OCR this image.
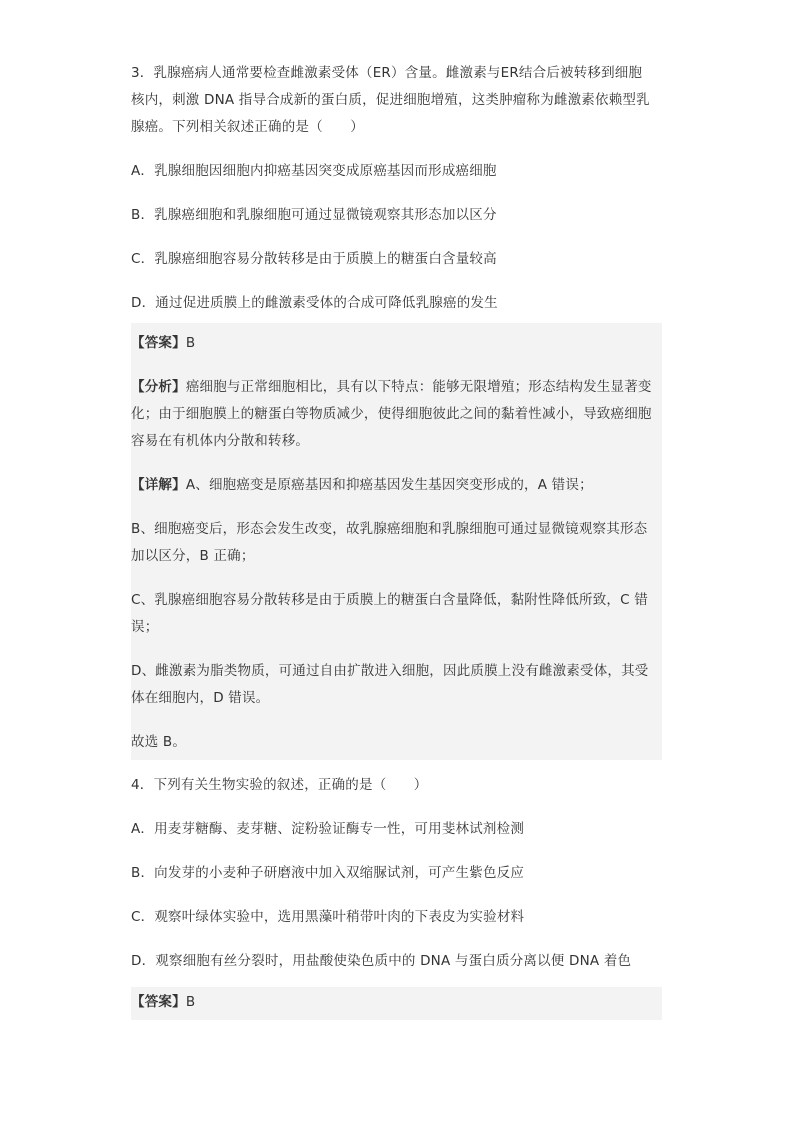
3．乳腺癌病人通常要检查雌激素受体（ER）含量。雌激素与ER结合后被转移到细胞

核内，刺激 DNA 指导合成新的蛋白质，促进细胞增殖，这类肿瘤称为雌激素依赖型乳

腺癌。下列相关叙述正确的是（　　）

A．乳腺细胞因细胞内抑癌基因突变成原癌基因而形成癌细胞

B．乳腺癌细胞和乳腺细胞可通过显微镜观察其形态加以区分

C．乳腺癌细胞容易分散转移是由于质膜上的糖蛋白含量较高

D．通过促进质膜上的雌激素受体的合成可降低乳腺癌的发生

【答案】B

【分析】癌细胞与正常细胞相比，具有以下特点：能够无限增殖；形态结构发生显著变

化；由于细胞膜上的糖蛋白等物质减少，使得细胞彼此之间的黏着性减小，导致癌细胞

容易在有机体内分散和转移。

【详解】A、细胞癌变是原癌基因和抑癌基因发生基因突变形成的，A 错误；

B、细胞癌变后，形态会发生改变，故乳腺癌细胞和乳腺细胞可通过显微镜观察其形态

加以区分，B 正确；

C、乳腺癌细胞容易分散转移是由于质膜上的糖蛋白含量降低，黏附性降低所致，C 错

误；

D、雌激素为脂类物质，可通过自由扩散进入细胞，因此质膜上没有雌激素受体，其受

体在细胞内，D 错误。

故选 B。

4．下列有关生物实验的叙述，正确的是（　　）

A．用麦芽糖酶、麦芽糖、淀粉验证酶专一性，可用斐林试剂检测

B．向发芽的小麦种子研磨液中加入双缩脲试剂，可产生紫色反应

C．观察叶绿体实验中，选用黑藻叶稍带叶肉的下表皮为实验材料

D．观察细胞有丝分裂时，用盐酸使染色质中的 DNA 与蛋白质分离以便 DNA 着色

【答案】B
